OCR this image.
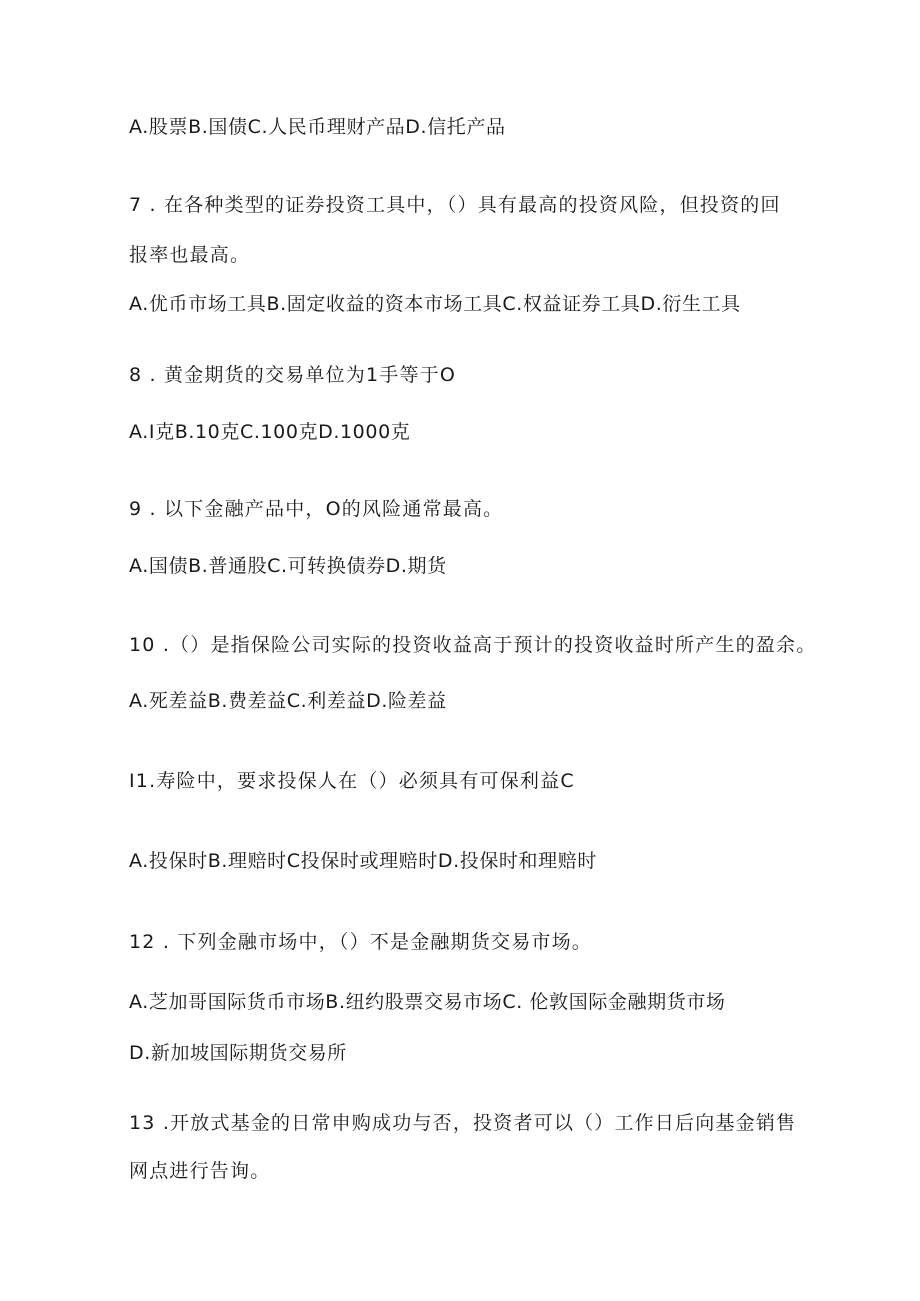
A.股票B.国债C.人民币理财产品D.信托产品
7 . 在各种类型的证券投资工具中，（）具有最高的投资风险，但投资的回
报率也最高。
A.优币市场工具B.固定收益的资本市场工具C.权益证券工具D.衍生工具
8 . 黄金期货的交易单位为1手等于O
A.I克B.10克C.100克D.1000克
9 . 以下金融产品中，O的风险通常最高。
A.国债B.普通股C.可转换债券D.期货
10 .（）是指保险公司实际的投资收益高于预计的投资收益时所产生的盈余。
A.死差益B.费差益C.利差益D.险差益
I1.寿险中，要求投保人在（）必须具有可保利益C
A.投保时B.理赔时C投保时或理赔时D.投保时和理赔时
12 . 下列金融市场中，（）不是金融期货交易市场。
A.芝加哥国际货币市场B.纽约股票交易市场C. 伦敦国际金融期货市场
D.新加坡国际期货交易所
13 .开放式基金的日常申购成功与否，投资者可以（）工作日后向基金销售
网点进行告询。
